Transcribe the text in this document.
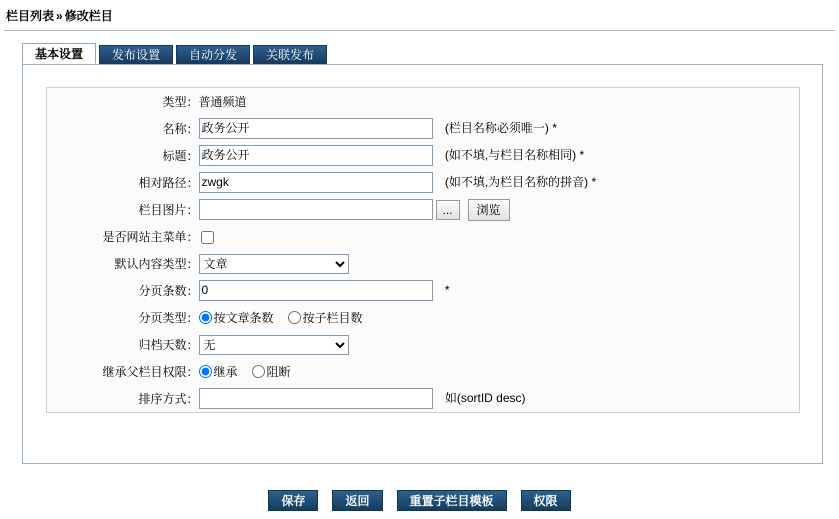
栏目列表 » 修改栏目
基本设置 发布设置 自动分发 关联发布
类型：	普通频道
名称：	政务公开(栏目名称必须唯一) *
标题：	政务公开(如不填,与栏目名称相同) *
相对路径：	zwgk(如不填,为栏目名称的拼音) *
栏目图片：	... 浏览
是否网站主菜单：	
默认内容类型：	
文章
分页条数：	0*
分页类型：	按文章条数 按子栏目数
归档天数：	
无
继承父栏目权限：	继承 阻断
排序方式：	如(sortID desc)
保存	返回	重置子栏目模板	权限
